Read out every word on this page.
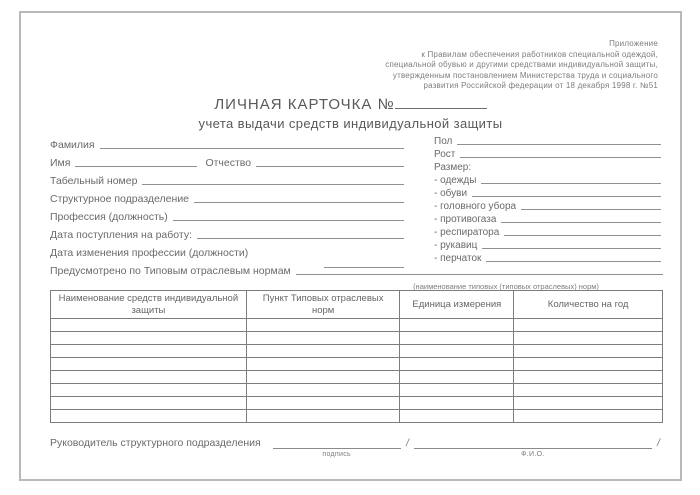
Приложение
к Правилам обеспечения работников специальной одеждой,
специальной обувью и другими средствами индивидуальной защиты,
утвержденным постановлением Министерства труда и социального
развития Российской федерации от 18 декабря 1998 г. №51
ЛИЧНАЯ КАРТОЧКА №
учета выдачи средств индивидуальной защиты
Фамилия
Имя	Отчество
Табельный номер
Структурное подразделение
Профессия (должность)
Дата поступления на работу:
Дата изменения профессии (должности)
Пол
Рост
Размер:
- одежды
- обуви
- головного убора
- противогаза
- респиратора
- рукавиц
- перчаток
Предусмотрено по Типовым отраслевым нормам
(наименование типовых (типовых отраслевых) норм)
Наименование средств индивидуальной защиты	Пункт Типовых отраслевых норм	Единица измерения	Количество на год

Руководитель структурного подразделения
подпись
/
Ф.И.О.
/
